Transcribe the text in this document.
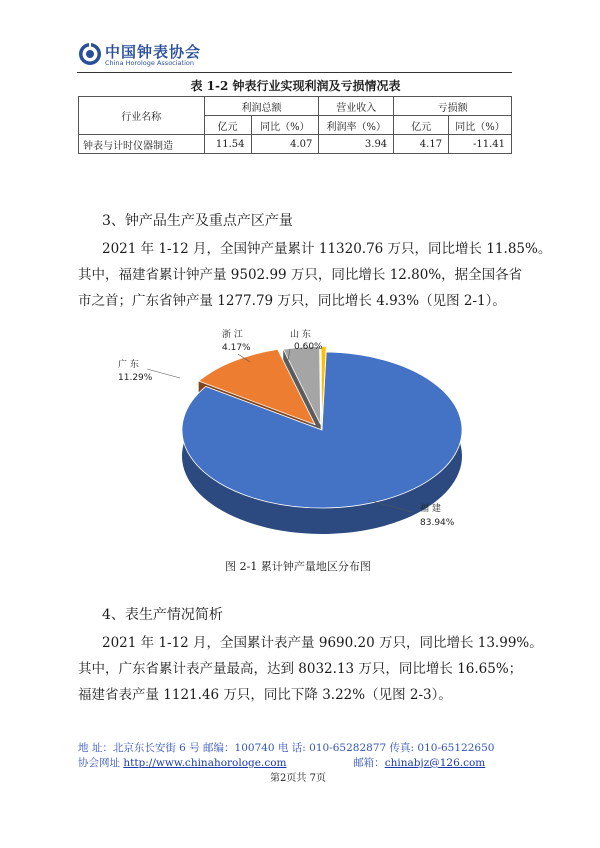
中国钟表协会
China Horologe Association
表 1-2 钟表行业实现利润及亏损情况表
行业名称	利润总额		营业收入	亏损额	
	亿元	同比（%）	利润率（%）	亿元	同比（%）
钟表与计时仪器制造	11.54	4.07	3.94	4.17	-11.41
3、钟产品生产及重点产区产量
2021 年 1-12 月，全国钟产量累计 11320.76 万只，同比增长 11.85%。
其中，福建省累计钟产量 9502.99 万只，同比增长 12.80%，据全国各省
市之首；广东省钟产量 1277.79 万只，同比增长 4.93%（见图 2-1）。
山 东
0.60%
浙 江
4.17%
广 东
11.29%
福 建
83.94%
图 2-1 累计钟产量地区分布图
4、表生产情况简析
2021 年 1-12 月，全国累计表产量 9690.20 万只，同比增长 13.99%。
其中，广东省累计表产量最高，达到 8032.13 万只，同比增长 16.65%；
福建省表产量 1121.46 万只，同比下降 3.22%（见图 2-3）。
地 址：北京东长安街 6 号 邮编：100740 电 话: 010-65282877 传真: 010-65122650
协会网址 http://www.chinahorologe.com	邮箱：chinabjz@126.com
第2页共 7页
